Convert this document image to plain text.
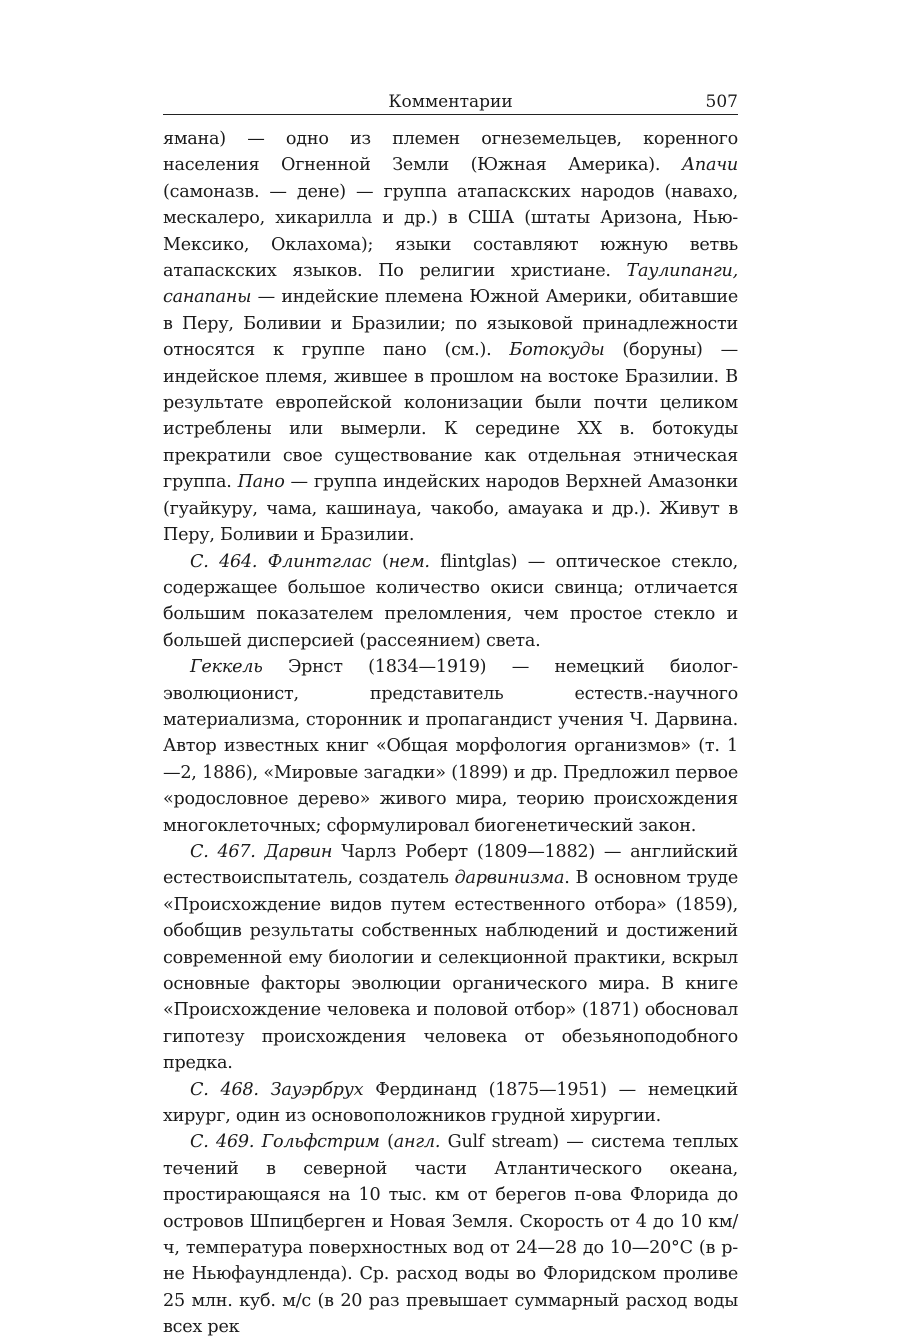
Комментарии	507

ямана) — одно из племен огнеземельцев, коренного населения Огненной Земли (Южная Америка). Апачи (самоназв. — дене) — группа атапаскских народов (навахо, мескалеро, хикарилла и др.) в США (штаты Аризона, Нью-Мексико, Оклахома); языки составляют южную ветвь атапаскских языков. По религии христиане. Таулипанги, санапаны — индейские племена Южной Америки, обитавшие в Перу, Боливии и Бразилии; по языковой принадлежности относятся к группе пано (см.). Ботокуды (боруны) — индейское племя, жившее в прошлом на востоке Бразилии. В результате европейской колонизации были почти целиком истреблены или вымерли. К середине XX в. ботокуды прекратили свое существование как отдельная этническая группа. Пано — группа индейских народов Верхней Амазонки (гуайкуру, чама, кашинауа, чакобо, амауака и др.). Живут в Перу, Боливии и Бразилии.

С. 464. Флинтглас (нем. flintglas) — оптическое стекло, содержащее большое количество окиси свинца; отличается большим показателем преломления, чем простое стекло и большей дисперсией (рассеянием) света.

Геккель Эрнст (1834—1919) — немецкий биолог-эволюционист, представитель естеств.-научного материализма, сторонник и пропагандист учения Ч. Дарвина. Автор известных книг «Общая морфология организмов» (т. 1—2, 1886), «Мировые загадки» (1899) и др. Предложил первое «родословное дерево» живого мира, теорию происхождения многоклеточных; сформулировал биогенетический закон.

С. 467. Дарвин Чарлз Роберт (1809—1882) — английский естествоиспытатель, создатель дарвинизма. В основном труде «Происхождение видов путем естественного отбора» (1859), обобщив результаты собственных наблюдений и достижений современной ему биологии и селекционной практики, вскрыл основные факторы эволюции органического мира. В книге «Происхождение человека и половой отбор» (1871) обосновал гипотезу происхождения человека от обезьяноподобного предка.

С. 468. Зауэрбрух Фердинанд (1875—1951) — немецкий хирург, один из основоположников грудной хирургии.

С. 469. Гольфстрим (англ. Gulf stream) — система теплых течений в северной части Атлантического океана, простирающаяся на 10 тыс. км от берегов п-ова Флорида до островов Шпицберген и Новая Земля. Скорость от 4 до 10 км/ч, температура поверхностных вод от 24—28 до 10—20°C (в р-не Ньюфаундленда). Ср. расход воды во Флоридском проливе 25 млн. куб. м/с (в 20 раз превышает суммарный расход воды всех рек
